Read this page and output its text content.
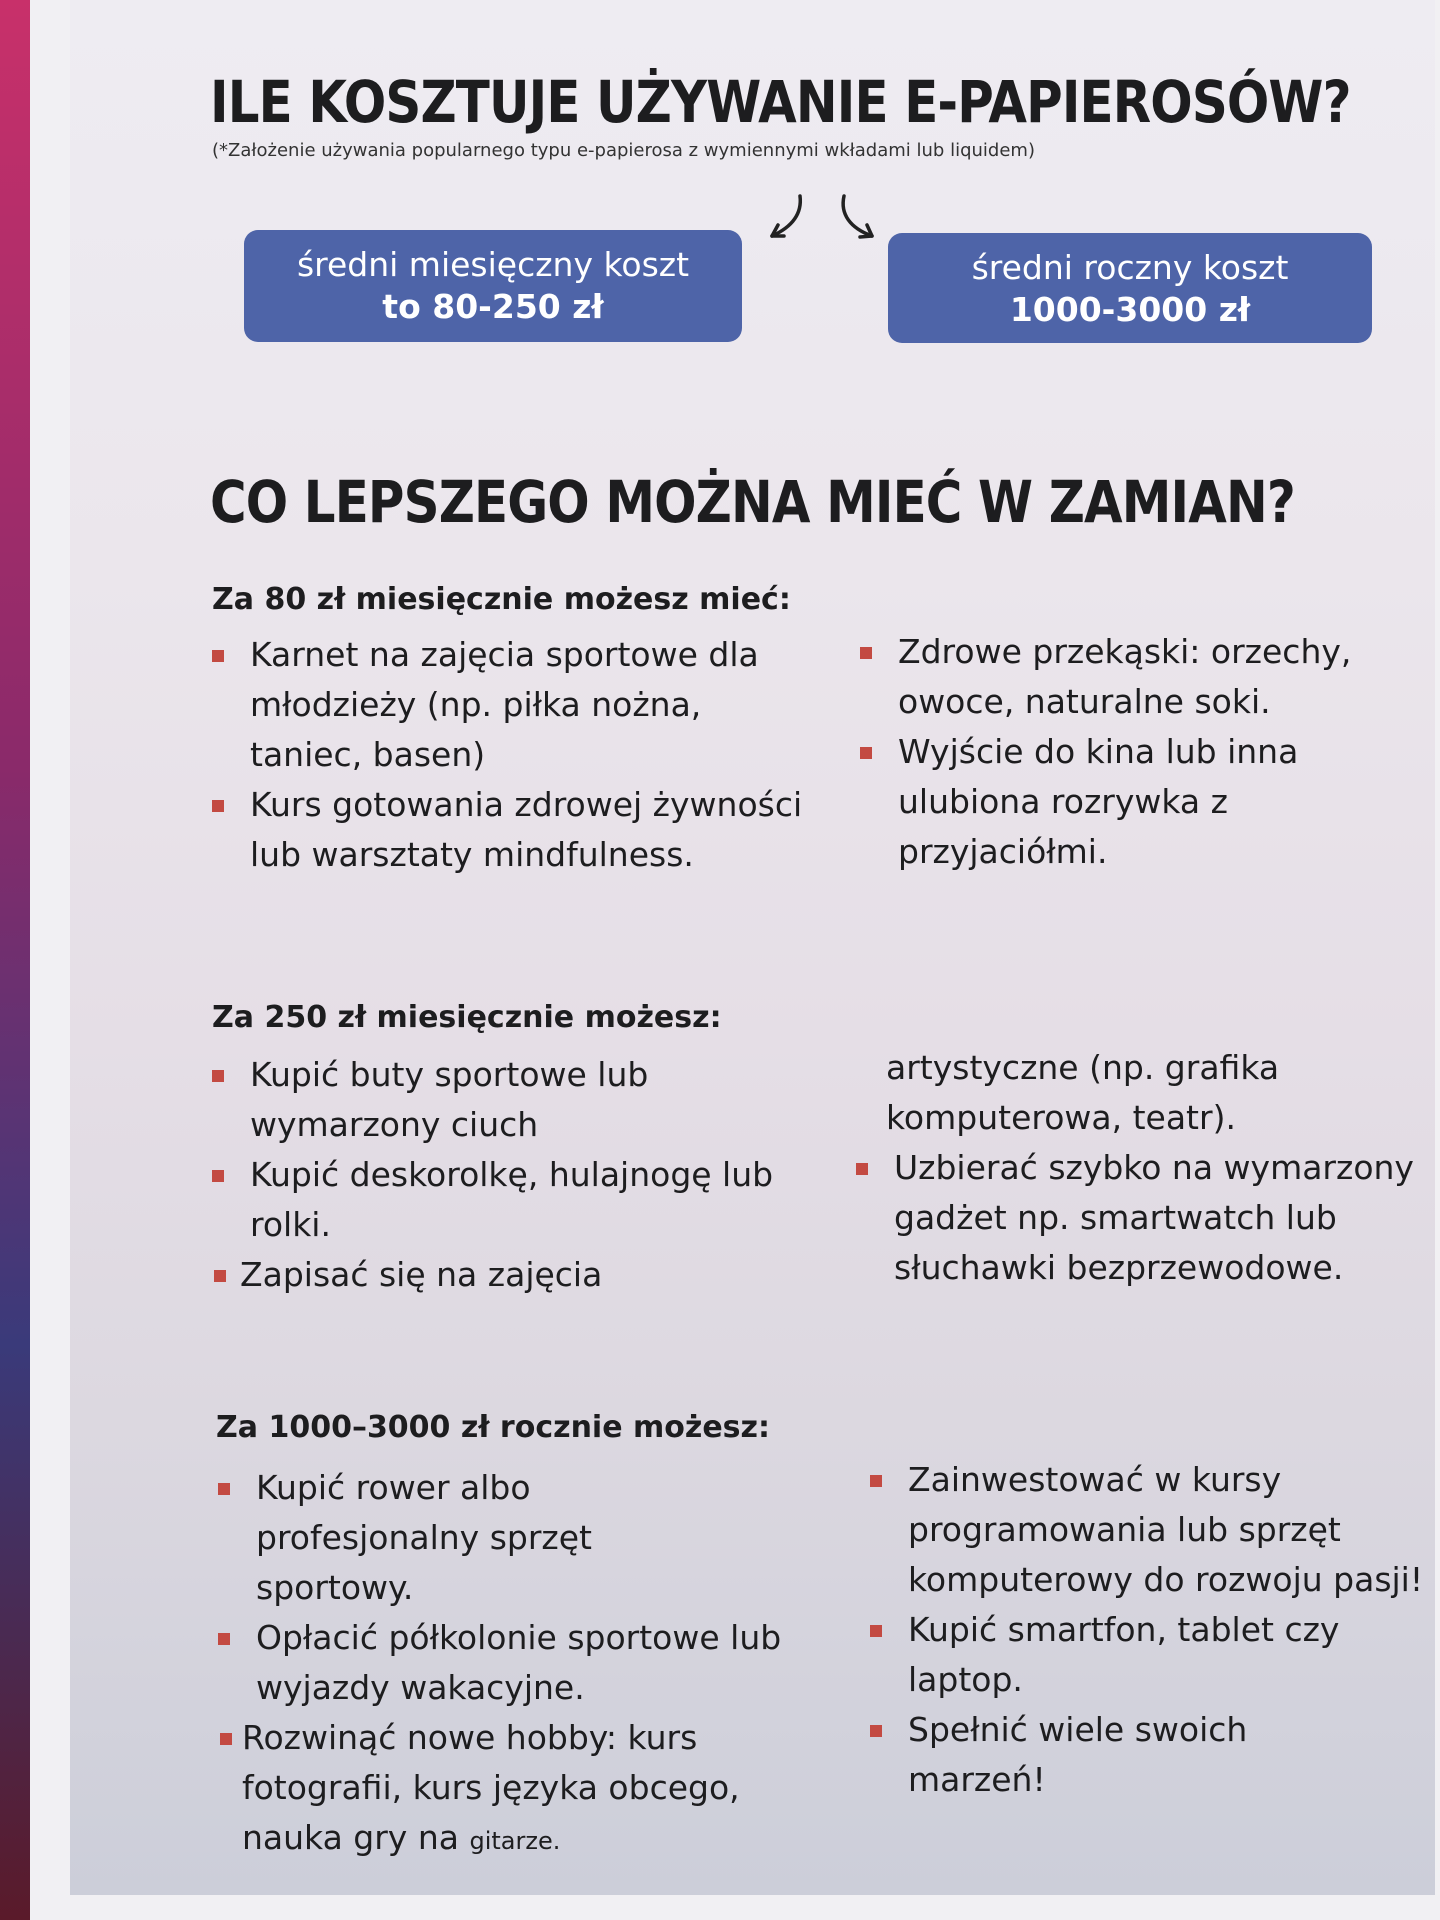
ILE KOSZTUJE UŻYWANIE E-PAPIEROSÓW?
(*Założenie używania popularnego typu e-papierosa z wymiennymi wkładami lub liquidem)
średni miesięczny koszt
to 80-250 zł
średni roczny koszt
1000-3000 zł
CO LEPSZEGO MOŻNA MIEĆ W ZAMIAN?
Za 80 zł miesięcznie możesz mieć:
Karnet na zajęcia sportowe dla młodzieży (np. piłka nożna, taniec, basen)
Kurs gotowania zdrowej żywności lub warsztaty mindfulness.
Zdrowe przekąski: orzechy, owoce, naturalne soki.
Wyjście do kina lub inna ulubiona rozrywka z przyjaciółmi.
Za 250 zł miesięcznie możesz:
Kupić buty sportowe lub wymarzony ciuch
Kupić deskorolkę, hulajnogę lub rolki.
Zapisać się na zajęcia
artystyczne (np. grafika komputerowa, teatr).
Uzbierać szybko na wymarzony gadżet np. smartwatch lub słuchawki bezprzewodowe.
Za 1000–3000 zł rocznie możesz:
Kupić rower albo profesjonalny sprzęt sportowy.
Opłacić półkolonie sportowe lub wyjazdy wakacyjne.
Rozwinąć nowe hobby: kurs fotografii, kurs języka obcego, nauka gry na gitarze.
Zainwestować w kursy programowania lub sprzęt komputerowy do rozwoju pasji!
Kupić smartfon, tablet czy laptop.
Spełnić wiele swoich marzeń!
